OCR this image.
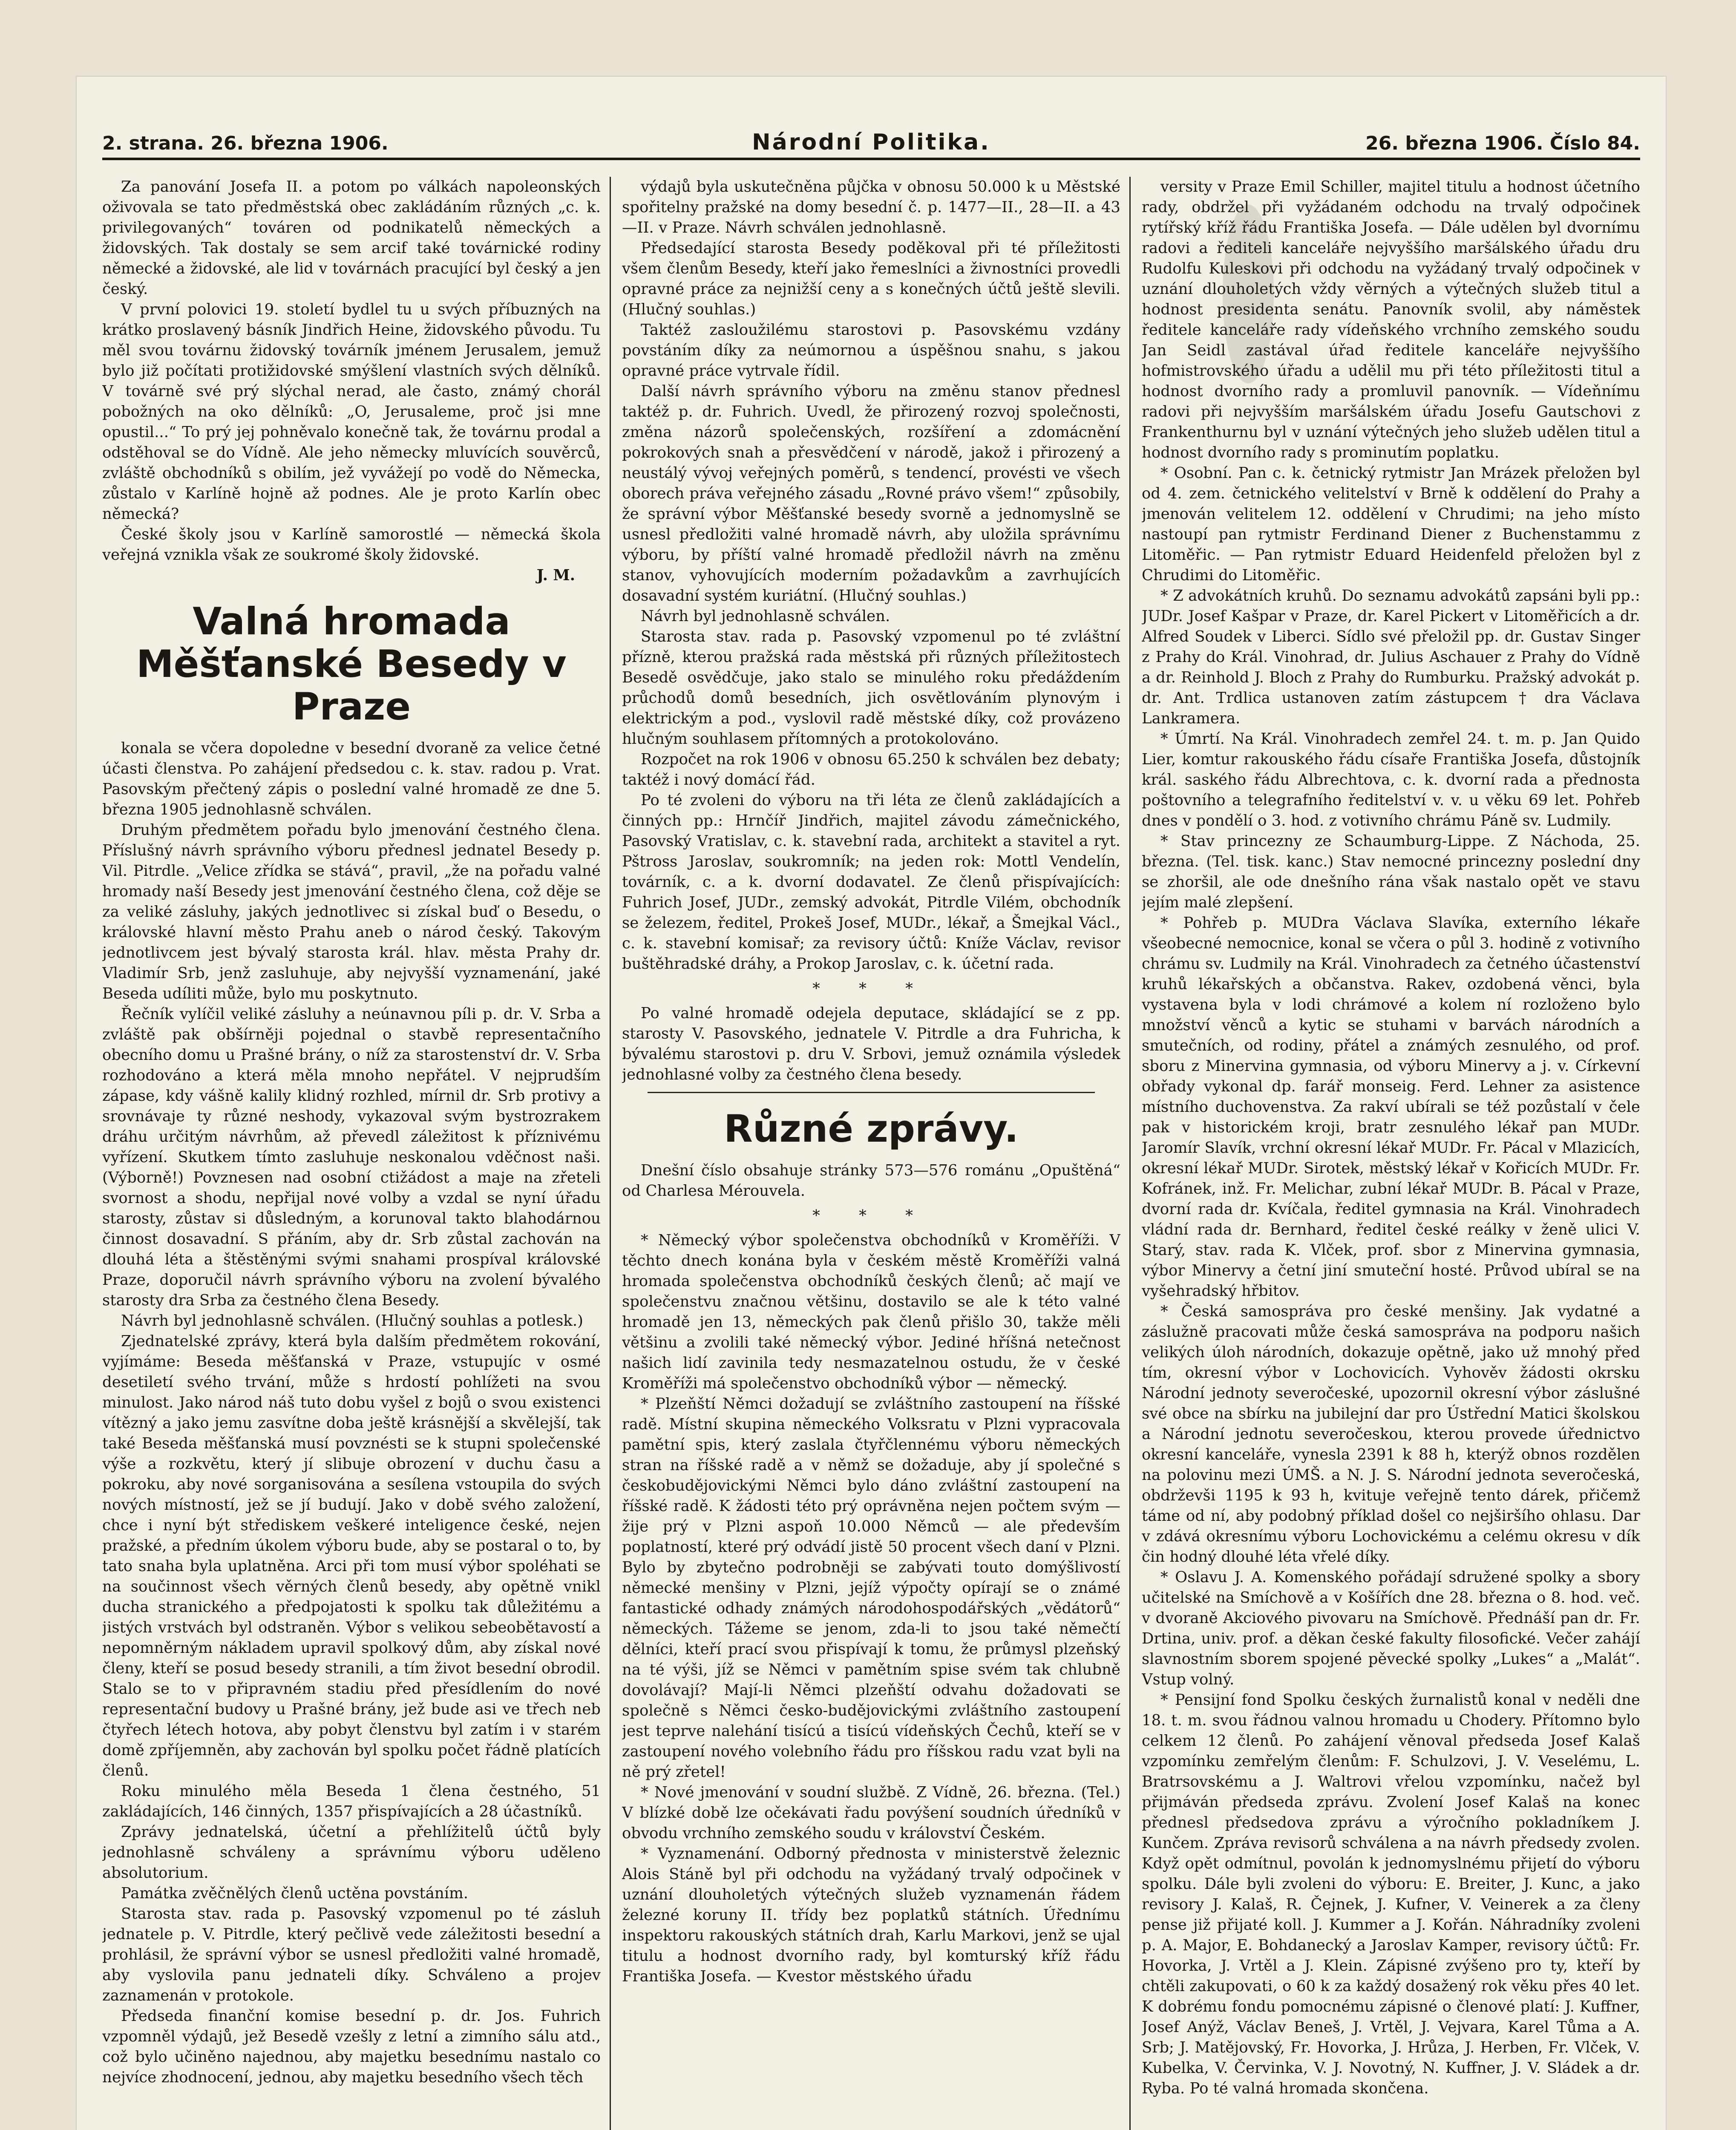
2. strana. 26. března 1906.	Národní Politika.	26. března 1906. Číslo 84.

Za panování Josefa II. a potom po válkách napoleonských oživovala se tato předměstská obec zakládáním různých „c. k. privilegovaných“ továren od podnikatelů německých a židovských. Tak dostaly se sem arcif také továrnické rodiny německé a židovské, ale lid v továrnách pracující byl český a jen český.

V první polovici 19. století bydlel tu u svých příbuzných na krátko proslavený básník Jindřich Heine, židovského původu. Tu měl svou továrnu židovský továrník jménem Jerusalem, jemuž bylo již počítati protižidovské smýšlení vlastních svých dělníků. V továrně své prý slýchal nerad, ale často, známý chorál pobožných na oko dělníků: „O, Jerusaleme, proč jsi mne opustil...“ To prý jej pohněvalo konečně tak, že továrnu prodal a odstěhoval se do Vídně. Ale jeho německy mluvících souvěrců, zvláště obchodníků s obilím, jež vyvážejí po vodě do Německa, zůstalo v Karlíně hojně až podnes. Ale je proto Karlín obec německá?

České školy jsou v Karlíně samorostlé — německá škola veřejná vznikla však ze soukromé školy židovské.

J. M.
Valná hromada Měšťanské Besedy v Praze

konala se včera dopoledne v besední dvoraně za velice četné účasti členstva. Po zahájení předsedou c. k. stav. radou p. Vrat. Pasovským přečtený zápis o poslední valné hromadě ze dne 5. března 1905 jednohlasně schválen.

Druhým předmětem pořadu bylo jmenování čestného člena. Příslušný návrh správního výboru přednesl jednatel Besedy p. Vil. Pitrdle. „Velice zřídka se stává“, pravil, „že na pořadu valné hromady naší Besedy jest jmenování čestného člena, což děje se za veliké zásluhy, jakých jednotlivec si získal buď o Besedu, o královské hlavní město Prahu aneb o národ český. Takovým jednotlivcem jest bývalý starosta král. hlav. města Prahy dr. Vladimír Srb, jenž zasluhuje, aby nejvyšší vyznamenání, jaké Beseda udíliti může, bylo mu poskytnuto.

Řečník vylíčil veliké zásluhy a neúnavnou píli p. dr. V. Srba a zvláště pak obšírněji pojednal o stavbě representačního obecního domu u Prašné brány, o níž za starostenství dr. V. Srba rozhodováno a která měla mnoho nepřátel. V nejprudším zápase, kdy vášně kalily klidný rozhled, mírnil dr. Srb protivy a srovnávaje ty různé neshody, vykazoval svým bystrozrakem dráhu určitým návrhům, až převedl záležitost k příznivému vyřízení. Skutkem tímto zasluhuje neskonalou vděčnost naši. (Výborně!) Povznesen nad osobní ctižádost a maje na zřeteli svornost a shodu, nepřijal nové volby a vzdal se nyní úřadu starosty, zůstav si důsledným, a korunoval takto blahodárnou činnost dosavadní. S přáním, aby dr. Srb zůstal zachován na dlouhá léta a štěstěnými svými snahami prospíval královské Praze, doporučil návrh správního výboru na zvolení bývalého starosty dra Srba za čestného člena Besedy.

Návrh byl jednohlasně schválen. (Hlučný souhlas a potlesk.)

Zjednatelské zprávy, která byla dalším předmětem rokování, vyjímáme: Beseda měšťanská v Praze, vstupujíc v osmé desetiletí svého trvání, může s hrdostí pohlížeti na svou minulost. Jako národ náš tuto dobu vyšel z bojů o svou existenci vítězný a jako jemu zasvítne doba ještě krásnější a skvělejší, tak také Beseda měšťanská musí povznésti se k stupni společenské výše a rozkvětu, který jí slibuje obrození v duchu času a pokroku, aby nové sorganisována a sesílena vstoupila do svých nových místností, jež se jí budují. Jako v době svého založení, chce i nyní být střediskem veškeré inteligence české, nejen pražské, a předním úkolem výboru bude, aby se postaral o to, by tato snaha byla uplatněna. Arci při tom musí výbor spoléhati se na součinnost všech věrných členů besedy, aby opětně vnikl ducha stranického a předpojatosti k spolku tak důležitému a jistých vrstvách byl odstraněn. Výbor s velikou sebeobětavostí a nepomněrným nákladem upravil spolkový dům, aby získal nové členy, kteří se posud besedy stranili, a tím život besední obrodil. Stalo se to v připravném stadiu před přesídlením do nové representační budovy u Prašné brány, jež bude asi ve třech neb čtyřech létech hotova, aby pobyt členstvu byl zatím i v starém domě zpříjemněn, aby zachován byl spolku počet řádně platících členů.

Roku minulého měla Beseda 1 člena čestného, 51 zakládajících, 146 činných, 1357 přispívajících a 28 účastníků.

Zprávy jednatelská, účetní a přehlížitelů účtů byly jednohlasně schváleny a správnímu výboru uděleno absolutorium.

Památka zvěčnělých členů uctěna povstáním.

Starosta stav. rada p. Pasovský vzpomenul po té zásluh jednatele p. V. Pitrdle, který pečlivě vede záležitosti besední a prohlásil, že správní výbor se usnesl předložiti valné hromadě, aby vyslovila panu jednateli díky. Schváleno a projev zaznamenán v protokole.

Předseda finanční komise besední p. dr. Jos. Fuhrich vzpomněl výdajů, jež Besedě vzešly z letní a zimního sálu atd., což bylo učiněno najednou, aby majetku besednímu nastalo co nejvíce zhodnocení, jednou, aby majetku besedního všech těch

výdajů byla uskutečněna půjčka v obnosu 50.000 k u Městské spořitelny pražské na domy besední č. p. 1477—II., 28—II. a 43—II. v Praze. Návrh schválen jednohlasně.

Předsedající starosta Besedy poděkoval při té příležitosti všem členům Besedy, kteří jako řemeslníci a živnostníci provedli opravné práce za nejnižší ceny a s konečných účtů ještě slevili. (Hlučný souhlas.)

Taktéž zasloužilému starostovi p. Pasovskému vzdány povstáním díky za neúmornou a úspěšnou snahu, s jakou opravné práce vytrvale řídil.

Další návrh správního výboru na změnu stanov přednesl taktéž p. dr. Fuhrich. Uvedl, že přirozený rozvoj společnosti, změna názorů společenských, rozšíření a zdomácnění pokrokových snah a přesvědčení v národě, jakož i přirozený a neustálý vývoj veřejných poměrů, s tendencí, provésti ve všech oborech práva veřejného zásadu „Rovné právo všem!“ způsobily, že správní výbor Měšťanské besedy svorně a jednomyslně se usnesl předložiti valné hromadě návrh, aby uložila správnímu výboru, by příští valné hromadě předložil návrh na změnu stanov, vyhovujících moderním požadavkům a zavrhujících dosavadní systém kuriátní. (Hlučný souhlas.)

Návrh byl jednohlasně schválen.

Starosta stav. rada p. Pasovský vzpomenul po té zvláštní přízně, kterou pražská rada městská při různých příležitostech Besedě osvědčuje, jako stalo se minulého roku předáždením průchodů domů besedních, jich osvětlováním plynovým i elektrickým a pod., vyslovil radě městské díky, což provázeno hlučným souhlasem přítomných a protokolováno.

Rozpočet na rok 1906 v obnosu 65.250 k schválen bez debaty; taktéž i nový domácí řád.

Po té zvoleni do výboru na tři léta ze členů zakládajících a činných pp.: Hrnčíř Jindřich, majitel závodu zámečnického, Pasovský Vratislav, c. k. stavební rada, architekt a stavitel a ryt. Pštross Jaroslav, soukromník; na jeden rok: Mottl Vendelín, továrník, c. a k. dvorní dodavatel. Ze členů přispívajících: Fuhrich Josef, JUDr., zemský advokát, Pitrdle Vilém, obchodník se železem, ředitel, Prokeš Josef, MUDr., lékař, a Šmejkal Václ., c. k. stavební komisař; za revisory účtů: Kníže Václav, revisor buštěhradské dráhy, a Prokop Jaroslav, c. k. účetní rada.

* * *

Po valné hromadě odejela deputace, skládající se z pp. starosty V. Pasovského, jednatele V. Pitrdle a dra Fuhricha, k bývalému starostovi p. dru V. Srbovi, jemuž oznámila výsledek jednohlasné volby za čestného člena besedy.

Různé zprávy.

Dnešní číslo obsahuje stránky 573—576 románu „Opuštěná“ od Charlesa Mérouvela.

* * *

* Německý výbor společenstva obchodníků v Kroměříži. V těchto dnech konána byla v českém městě Kroměříži valná hromada společenstva obchodníků českých členů; ač mají ve společenstvu značnou většinu, dostavilo se ale k této valné hromadě jen 13, německých pak členů přišlo 30, takže měli většinu a zvolili také německý výbor. Jediné hříšná netečnost našich lidí zavinila tedy nesmazatelnou ostudu, že v české Kroměříži má společenstvo obchodníků výbor — německý.

* Plzeňští Němci dožadují se zvláštního zastoupení na říšské radě. Místní skupina německého Volksratu v Plzni vypracovala pamětní spis, který zaslala čtyřčlennému výboru německých stran na říšské radě a v němž se dožaduje, aby jí společné s českobudějovickými Němci bylo dáno zvláštní zastoupení na říšské radě. K žádosti této prý oprávněna nejen počtem svým — žije prý v Plzni aspoň 10.000 Němců — ale především poplatností, které prý odvádí jistě 50 procent všech daní v Plzni. Bylo by zbytečno podrobněji se zabývati touto domýšlivostí německé menšiny v Plzni, jejíž výpočty opírají se o známé fantastické odhady známých národohospodářských „vědátorů“ německých. Tážeme se jenom, zda-li to jsou také němečtí dělníci, kteří prací svou přispívají k tomu, že průmysl plzeňský na té výši, jíž se Němci v pamětním spise svém tak chlubně dovolávají? Mají-li Němci plzeňští odvahu dožadovati se společně s Němci česko-budějovickými zvláštního zastoupení jest teprve nalehání tisícú a tisícú vídeňských Čechů, kteří se v zastoupení nového volebního řádu pro říšskou radu vzat byli na ně prý zřetel!

* Nové jmenování v soudní službě. Z Vídně, 26. března. (Tel.) V blízké době lze očekávati řadu povýšení soudních úředníků v obvodu vrchního zemského soudu v království Českém.

* Vyznamenání. Odborný přednosta v ministerstvě železnic Alois Stáně byl při odchodu na vyžádaný trvalý odpočinek v uznání dlouholetých výtečných služeb vyznamenán řádem železné koruny II. třídy bez poplatků státních. Úřednímu inspektoru rakouských státních drah, Karlu Markovi, jenž se ujal titulu a hodnost dvorního rady, byl komturský kříž řádu Františka Josefa. — Kvestor městského úřadu

versity v Praze Emil Schiller, majitel titulu a hodnost účetního rady, obdržel při vyžádaném odchodu na trvalý odpočinek rytířský kříž řádu Františka Josefa. — Dále udělen byl dvornímu radovi a řediteli kanceláře nejvyššího maršálského úřadu dru Rudolfu Kuleskovi při odchodu na vyžádaný trvalý odpočinek v uznání dlouholetých vždy věrných a výtečných služeb titul a hodnost presidenta senátu. Panovník svolil, aby náměstek ředitele kanceláře rady vídeňského vrchního zemského soudu Jan Seidl zastával úřad ředitele kanceláře nejvyššího hofmistrovského úřadu a udělil mu při této příležitosti titul a hodnost dvorního rady a promluvil panovník. — Vídeňnímu radovi při nejvyšším maršálském úřadu Josefu Gautschovi z Frankenthurnu byl v uznání výtečných jeho služeb udělen titul a hodnost dvorního rady s prominutím poplatku.

* Osobní. Pan c. k. četnický rytmistr Jan Mrázek přeložen byl od 4. zem. četnického velitelství v Brně k oddělení do Prahy a jmenován velitelem 12. oddělení v Chrudimi; na jeho místo nastoupí pan rytmistr Ferdinand Diener z Buchenstammu z Litoměřic. — Pan rytmistr Eduard Heidenfeld přeložen byl z Chrudimi do Litoměřic.

* Z advokátních kruhů. Do seznamu advokátů zapsáni byli pp.: JUDr. Josef Kašpar v Praze, dr. Karel Pickert v Litoměřicích a dr. Alfred Soudek v Liberci. Sídlo své přeložil pp. dr. Gustav Singer z Prahy do Král. Vinohrad, dr. Julius Aschauer z Prahy do Vídně a dr. Reinhold J. Bloch z Prahy do Rumburku. Pražský advokát p. dr. Ant. Trdlica ustanoven zatím zástupcem † dra Václava Lankramera.

* Úmrtí. Na Král. Vinohradech zemřel 24. t. m. p. Jan Quido Lier, komtur rakouského řádu císaře Františka Josefa, důstojník král. saského řádu Albrechtova, c. k. dvorní rada a přednosta poštovního a telegrafního ředitelství v. v. u věku 69 let. Pohřeb dnes v pondělí o 3. hod. z votivního chrámu Páně sv. Ludmily.

* Stav princezny ze Schaumburg-Lippe. Z Náchoda, 25. března. (Tel. tisk. kanc.) Stav nemocné princezny poslední dny se zhoršil, ale ode dnešního rána však nastalo opět ve stavu jejím malé zlepšení.

* Pohřeb p. MUDra Václava Slavíka, externího lékaře všeobecné nemocnice, konal se včera o půl 3. hodině z votivního chrámu sv. Ludmily na Král. Vinohradech za četného účastenství kruhů lékařských a občanstva. Rakev, ozdobená věnci, byla vystavena byla v lodi chrámové a kolem ní rozloženo bylo množství věnců a kytic se stuhami v barvách národních a smutečních, od rodiny, přátel a známých zesnulého, od prof. sboru z Minervina gymnasia, od výboru Minervy a j. v. Církevní obřady vykonal dp. farář monseig. Ferd. Lehner za asistence místního duchovenstva. Za rakví ubírali se též pozůstalí v čele pak v historickém kroji, bratr zesnulého lékař pan MUDr. Jaromír Slavík, vrchní okresní lékař MUDr. Fr. Pácal v Mlazicích, okresní lékař MUDr. Sirotek, městský lékař v Kořicích MUDr. Fr. Kofránek, inž. Fr. Melichar, zubní lékař MUDr. B. Pácal v Praze, dvorní rada dr. Kvíčala, ředitel gymnasia na Král. Vinohradech vládní rada dr. Bernhard, ředitel české reálky v ženě ulici V. Starý, stav. rada K. Vlček, prof. sbor z Minervina gymnasia, výbor Minervy a četní jiní smuteční hosté. Průvod ubíral se na vyšehradský hřbitov.

* Česká samospráva pro české menšiny. Jak vydatné a záslužně pracovati může česká samospráva na podporu našich velikých úloh národních, dokazuje opětně, jako už mnohý před tím, okresní výbor v Lochovicích. Vyhověv žádosti okrsku Národní jednoty severočeské, upozornil okresní výbor záslušné své obce na sbírku na jubilejní dar pro Ústřední Matici školskou a Národní jednotu severočeskou, kterou provede úřednictvo okresní kanceláře, vynesla 2391 k 88 h, kterýž obnos rozdělen na polovinu mezi ÚMŠ. a N. J. S. Národní jednota severočeská, obdrževši 1195 k 93 h, kvituje veřejně tento dárek, přičemž táme od ní, aby podobný příklad došel co nejširšího ohlasu. Dar v zdává okresnímu výboru Lochovickému a celému okresu v dík čin hodný dlouhé léta vřelé díky.

* Oslavu J. A. Komenského pořádají sdružené spolky a sbory učitelské na Smíchově a v Košířích dne 28. března o 8. hod. več. v dvoraně Akciového pivovaru na Smíchově. Přednáší pan dr. Fr. Drtina, univ. prof. a děkan české fakulty filosofické. Večer zahájí slavnostním sborem spojené pěvecké spolky „Lukes“ a „Malát“. Vstup volný.

* Pensijní fond Spolku českých žurnalistů konal v neděli dne 18. t. m. svou řádnou valnou hromadu u Chodery. Přítomno bylo celkem 12 členů. Po zahájení věnoval předseda Josef Kalaš vzpomínku zemřelým členům: F. Schulzovi, J. V. Veselému, L. Bratrsovskému a J. Waltrovi vřelou vzpomínku, načež byl přijmáván předseda zprávu. Zvolení Josef Kalaš na konec přednesl předsedova zprávu a výročního pokladníkem J. Kunčem. Zpráva revisorů schválena a na návrh předsedy zvolen. Když opět odmítnul, povolán k jednomyslnému přijetí do výboru spolku. Dále byli zvoleni do výboru: E. Breiter, J. Kunc, a jako revisory J. Kalaš, R. Čejnek, J. Kufner, V. Veinerek a za členy pense již přijaté koll. J. Kummer a J. Kořán. Náhradníky zvoleni p. A. Major, E. Bohdanecký a Jaroslav Kamper, revisory účtů: Fr. Hovorka, J. Vrtěl a J. Klein. Zápisné zvýšeno pro ty, kteří by chtěli zakupovati, o 60 k za každý dosažený rok věku přes 40 let. K dobrému fondu pomocnému zápisné o členové platí: J. Kuffner, Josef Anýž, Václav Beneš, J. Vrtěl, J. Vejvara, Karel Tůma a A. Srb; J. Matějovský, Fr. Hovorka, J. Hrůza, J. Herben, Fr. Vlček, V. Kubelka, V. Červinka, V. J. Novotný, N. Kuffner, J. V. Sládek a dr. Ryba. Po té valná hromada skončena.
